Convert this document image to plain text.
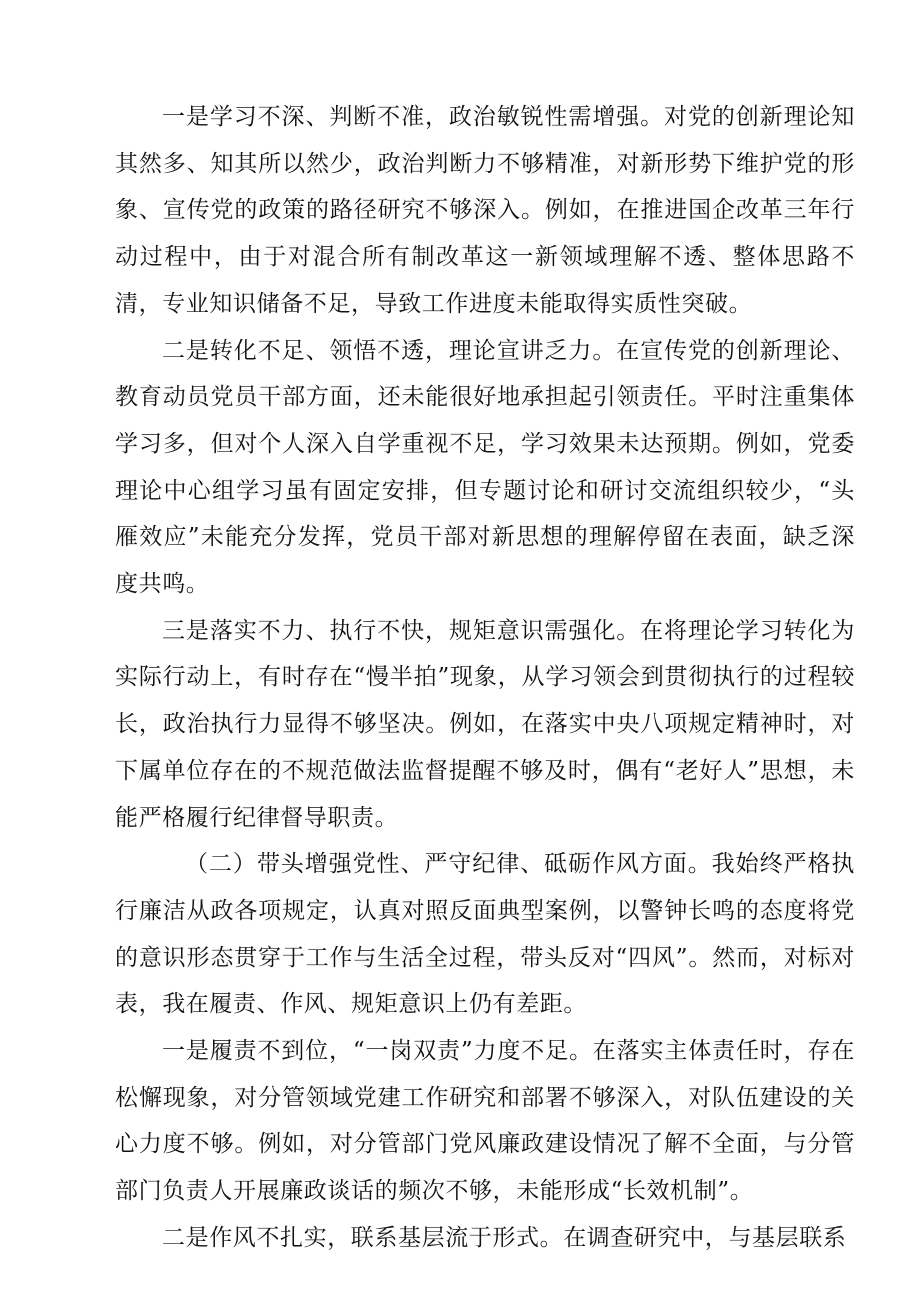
一是学习不深、判断不准，政治敏锐性需增强。对党的创新理论知其然多、知其所以然少，政治判断力不够精准，对新形势下维护党的形象、宣传党的政策的路径研究不够深入。例如，在推进国企改革三年行动过程中，由于对混合所有制改革这一新领域理解不透、整体思路不清，专业知识储备不足，导致工作进度未能取得实质性突破。

二是转化不足、领悟不透，理论宣讲乏力。在宣传党的创新理论、教育动员党员干部方面，还未能很好地承担起引领责任。平时注重集体学习多，但对个人深入自学重视不足，学习效果未达预期。例如，党委理论中心组学习虽有固定安排，但专题讨论和研讨交流组织较少，“头雁效应”未能充分发挥，党员干部对新思想的理解停留在表面，缺乏深度共鸣。

三是落实不力、执行不快，规矩意识需强化。在将理论学习转化为实际行动上，有时存在“慢半拍”现象，从学习领会到贯彻执行的过程较长，政治执行力显得不够坚决。例如，在落实中央八项规定精神时，对下属单位存在的不规范做法监督提醒不够及时，偶有“老好人”思想，未能严格履行纪律督导职责。

（二）带头增强党性、严守纪律、砥砺作风方面。我始终严格执行廉洁从政各项规定，认真对照反面典型案例，以警钟长鸣的态度将党的意识形态贯穿于工作与生活全过程，带头反对“四风”。然而，对标对表，我在履责、作风、规矩意识上仍有差距。

一是履责不到位，“一岗双责”力度不足。在落实主体责任时，存在松懈现象，对分管领域党建工作研究和部署不够深入，对队伍建设的关心力度不够。例如，对分管部门党风廉政建设情况了解不全面，与分管部门负责人开展廉政谈话的频次不够，未能形成“长效机制”。

二是作风不扎实，联系基层流于形式。在调查研究中，与基层联系
